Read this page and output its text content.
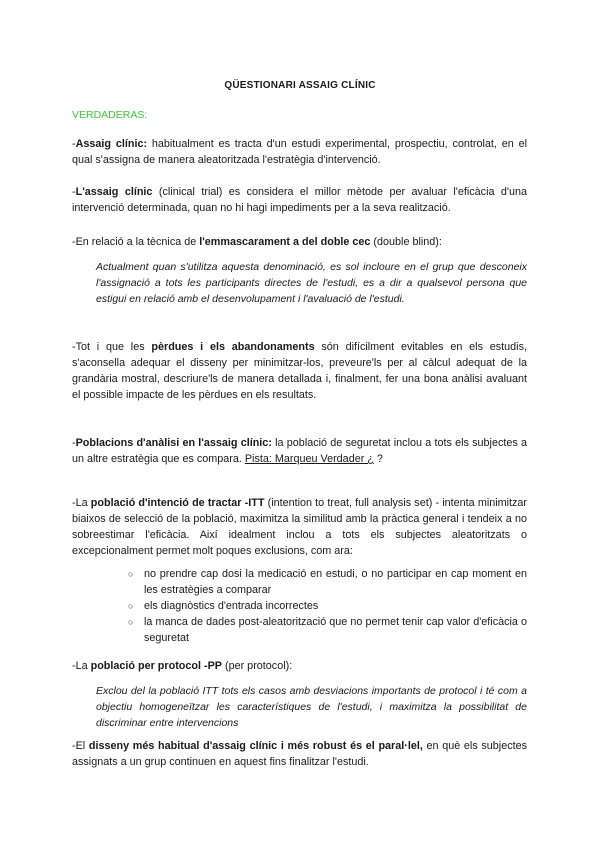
QÜESTIONARI ASSAIG CLÍNIC
VERDADERAS:
-Assaig clínic: habitualment es tracta d'un estudi experimental, prospectiu, controlat, en el qual s'assigna de manera aleatoritzada l'estratègia d'intervenció.
-L'assaig clínic (clinical trial) es considera el millor mètode per avaluar l'eficàcia d'una intervenció determinada, quan no hi hagi impediments per a la seva realització.
-En relació a la tècnica de l'emmascarament a del doble cec (double blind):
Actualment quan s'utilitza aquesta denominació, es sol incloure en el grup que desconeix l'assignació a tots les participants directes de l'estudi, es a dir a qualsevol persona que estigui en relació amb el desenvolupament i l'avaluació de l'estudi.
-Tot i que les pèrdues i els abandonaments són difícilment evitables en els estudis, s'aconsella adequar el disseny per minimitzar-los, preveure'ls per al càlcul adequat de la grandària mostral, descriure'ls de manera detallada i, finalment, fer una bona anàlisi avaluant el possible impacte de les pèrdues en els resultats.
-Poblacions d'anàlisi en l'assaig clínic: la població de seguretat inclou a tots els subjectes a un altre estratègia que es compara. Pista: Marqueu Verdader ¿ ?
-La població d'intenció de tractar -ITT (intention to treat, full analysis set) - intenta minimitzar biaixos de selecció de la població, maximitza la similitud amb la pràctica general i tendeix a no sobreestimar l'eficàcia. Així idealment inclou a tots els subjectes aleatoritzats o excepcionalment permet molt poques exclusions, com ara:
○ no prendre cap dosi la medicació en estudi, o no participar en cap moment en les estratègies a comparar
○ els diagnòstics d'entrada incorrectes
○ la manca de dades post-aleatorització que no permet tenir cap valor d'eficàcia o seguretat
-La població per protocol -PP (per protocol):
Exclou del la població ITT tots els casos amb desviacions importants de protocol i té com a objectiu homogeneïtzar les característiques de l'estudi, i maximitza la possibilitat de discriminar entre intervencions
-El disseny més habitual d'assaig clínic i més robust és el paral·lel, en què els subjectes assignats a un grup continuen en aquest fins finalitzar l'estudi.
